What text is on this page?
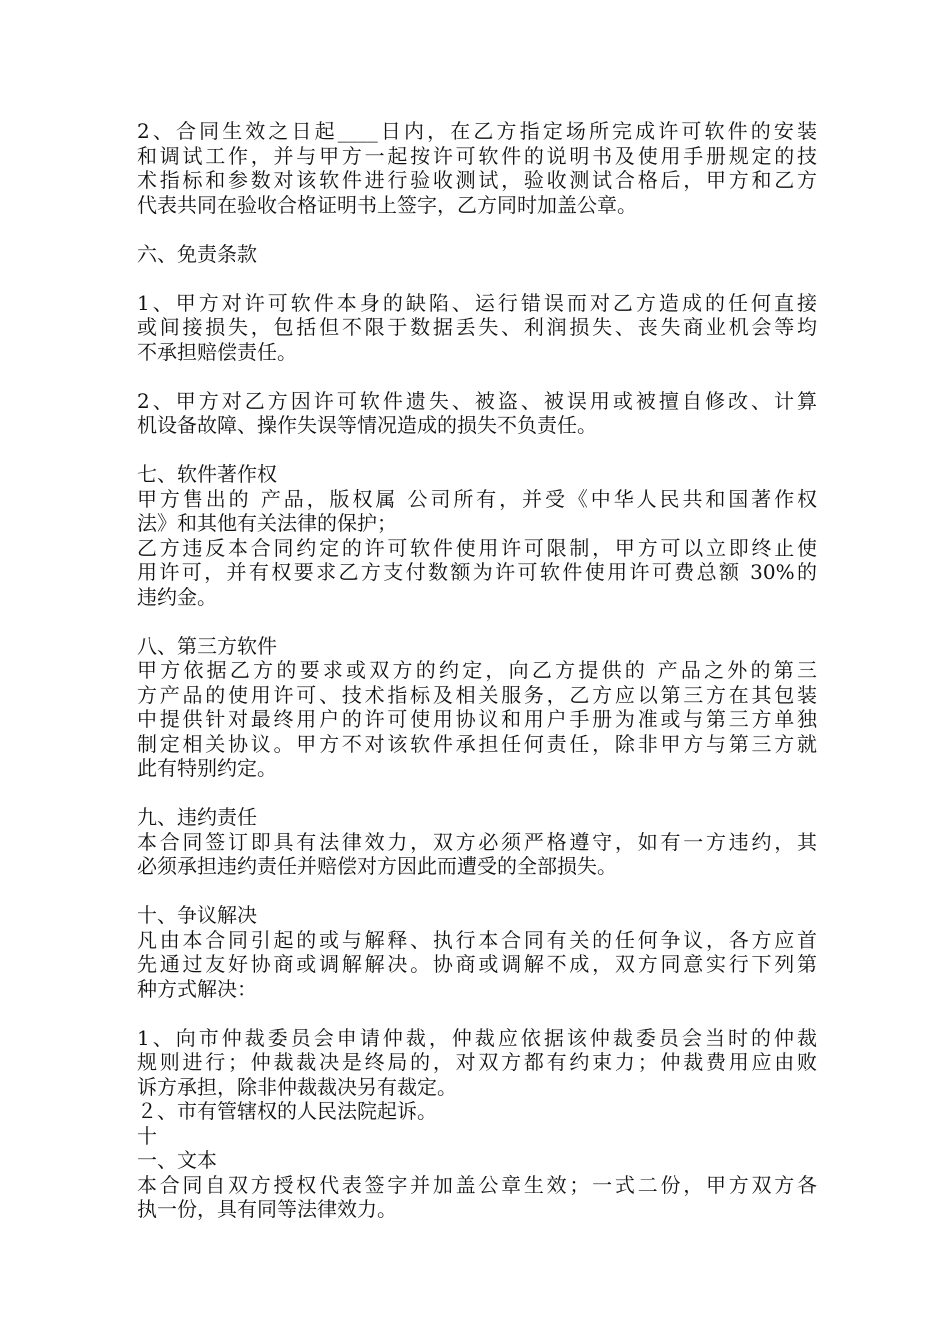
2、合同生效之日起____日内，在乙方指定场所完成许可软件的安装
和调试工作，并与甲方一起按许可软件的说明书及使用手册规定的技
术指标和参数对该软件进行验收测试，验收测试合格后，甲方和乙方
代表共同在验收合格证明书上签字，乙方同时加盖公章。
六、免责条款
1、甲方对许可软件本身的缺陷、运行错误而对乙方造成的任何直接
或间接损失，包括但不限于数据丢失、利润损失、丧失商业机会等均
不承担赔偿责任。
2、甲方对乙方因许可软件遗失、被盗、被误用或被擅自修改、计算
机设备故障、操作失误等情况造成的损失不负责任。
七、软件著作权
甲方售出的 产品，版权属 公司所有，并受《中华人民共和国著作权
法》和其他有关法律的保护；
乙方违反本合同约定的许可软件使用许可限制，甲方可以立即终止使
用许可，并有权要求乙方支付数额为许可软件使用许可费总额 30%的
违约金。
八、第三方软件
甲方依据乙方的要求或双方的约定，向乙方提供的 产品之外的第三
方产品的使用许可、技术指标及相关服务，乙方应以第三方在其包装
中提供针对最终用户的许可使用协议和用户手册为准或与第三方单独
制定相关协议。甲方不对该软件承担任何责任，除非甲方与第三方就
此有特别约定。
九、违约责任
本合同签订即具有法律效力，双方必须严格遵守，如有一方违约，其
必须承担违约责任并赔偿对方因此而遭受的全部损失。
十、争议解决
凡由本合同引起的或与解释、执行本合同有关的任何争议，各方应首
先通过友好协商或调解解决。协商或调解不成，双方同意实行下列第
种方式解决：
1、向市仲裁委员会申请仲裁，仲裁应依据该仲裁委员会当时的仲裁
规则进行；仲裁裁决是终局的，对双方都有约束力；仲裁费用应由败
诉方承担，除非仲裁裁决另有裁定。
２、市有管辖权的人民法院起诉。
十
一、文本
本合同自双方授权代表签字并加盖公章生效；一式二份，甲方双方各
执一份，具有同等法律效力。
